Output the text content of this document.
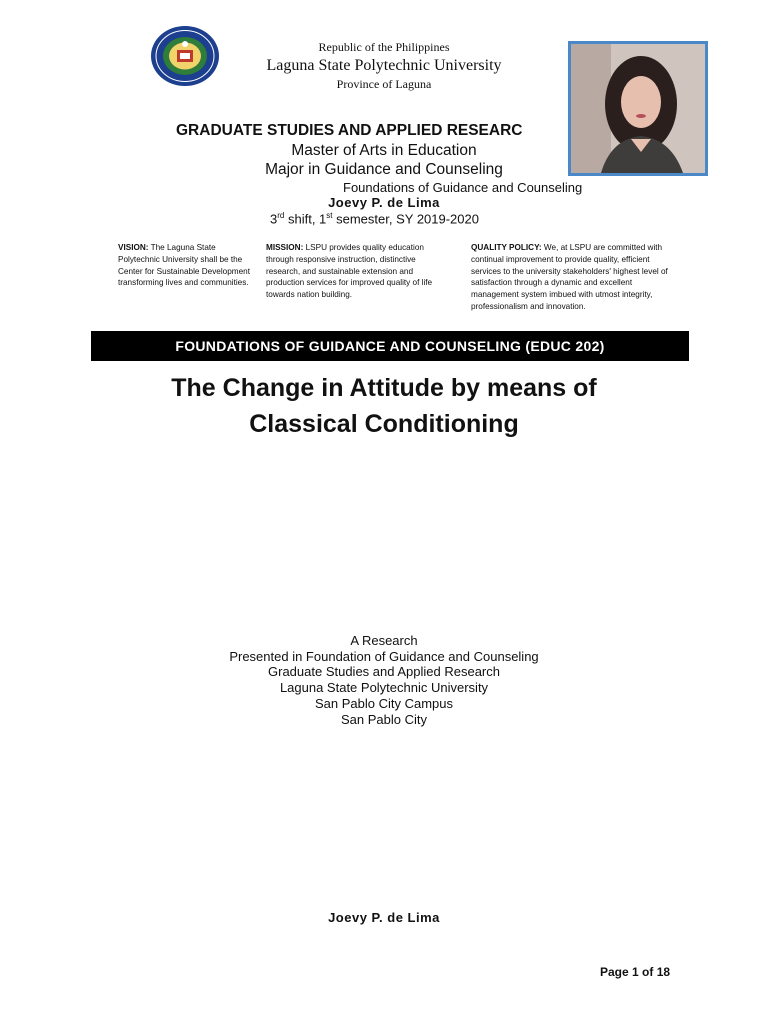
Republic of the Philippines
Laguna State Polytechnic University
Province of Laguna
GRADUATE STUDIES AND APPLIED RESEARC
Master of Arts in Education
Major in Guidance and Counseling
Foundations of Guidance and Counseling
Joevy P. de Lima
3rd shift, 1st semester, SY 2019-2020
VISION: The Laguna State Polytechnic University shall be the Center for Sustainable Development transforming lives and communities.
MISSION: LSPU provides quality education through responsive instruction, distinctive research, and sustainable extension and production services for improved quality of life towards nation building.
QUALITY POLICY: We, at LSPU are committed with continual improvement to provide quality, efficient services to the university stakeholders' highest level of satisfaction through a dynamic and excellent management system imbued with utmost integrity, professionalism and innovation.
FOUNDATIONS OF GUIDANCE AND COUNSELING (EDUC 202)
The Change in Attitude by means of
Classical Conditioning
A Research
Presented in Foundation of Guidance and Counseling
Graduate Studies and Applied Research
Laguna State Polytechnic University
San Pablo City Campus
San Pablo City
Joevy P. de Lima
Page 1 of 18
